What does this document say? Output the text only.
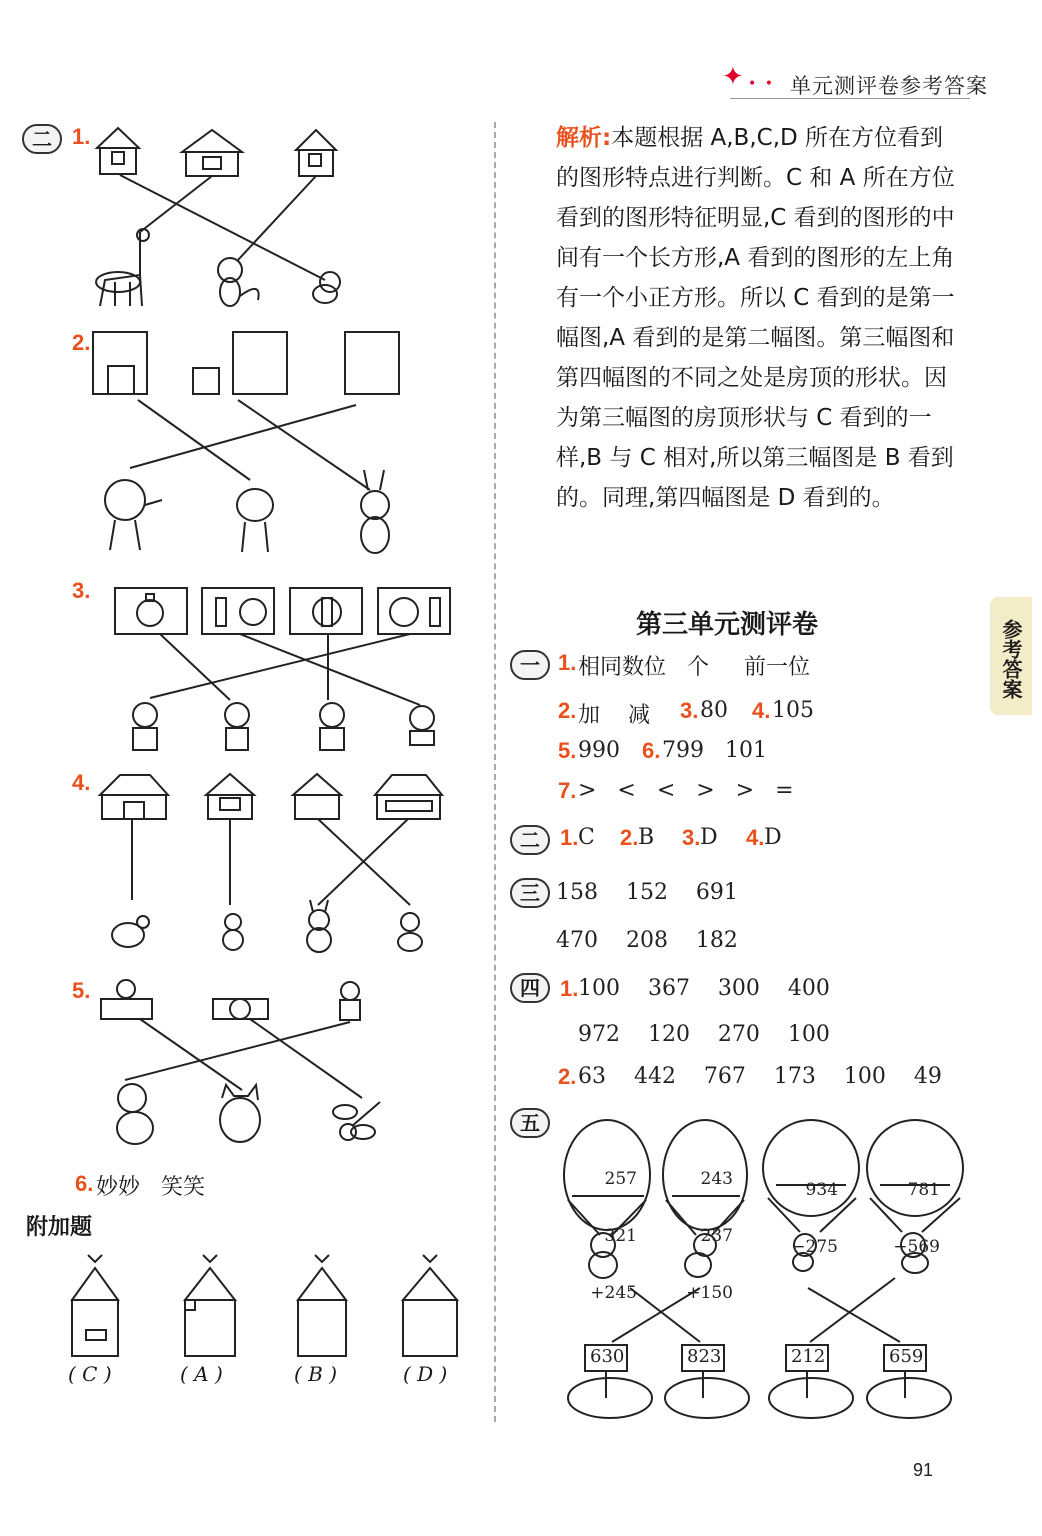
✦ • • 单元测评卷参考答案
二 1.
2.
3.
4.
5.
6. 妙妙   笑笑
附加题
( C )	( A )	( B )	( D )
解析:本题根据 A,B,C,D 所在方位看到的图形特点进行判断。C 和 A 所在方位看到的图形特征明显,C 看到的图形的中间有一个长方形,A 看到的图形的左上角有一个小正方形。所以 C 看到的是第一幅图,A 看到的是第二幅图。第三幅图和第四幅图的不同之处是房顶的形状。因为第三幅图的房顶形状与 C 看到的一样,B 与 C 相对,所以第三幅图是 B 看到的。同理,第四幅图是 D 看到的。
第三单元测评卷	参考答案
一 1. 相同数位   个     前一位
2. 加    减 3. 80 4. 105
5. 990 6. 799   101
7. >   <   <   >   >   =
二 1. C 2. B 3. D 4. D
三 158    152    691
470    208    182
四 1. 100    367    300    400
972    120    270    100
2. 63    442    767    173    100    49
五

257

321

+245

243

237

+150

934

−275

781

−569

630	823	212	659
91
